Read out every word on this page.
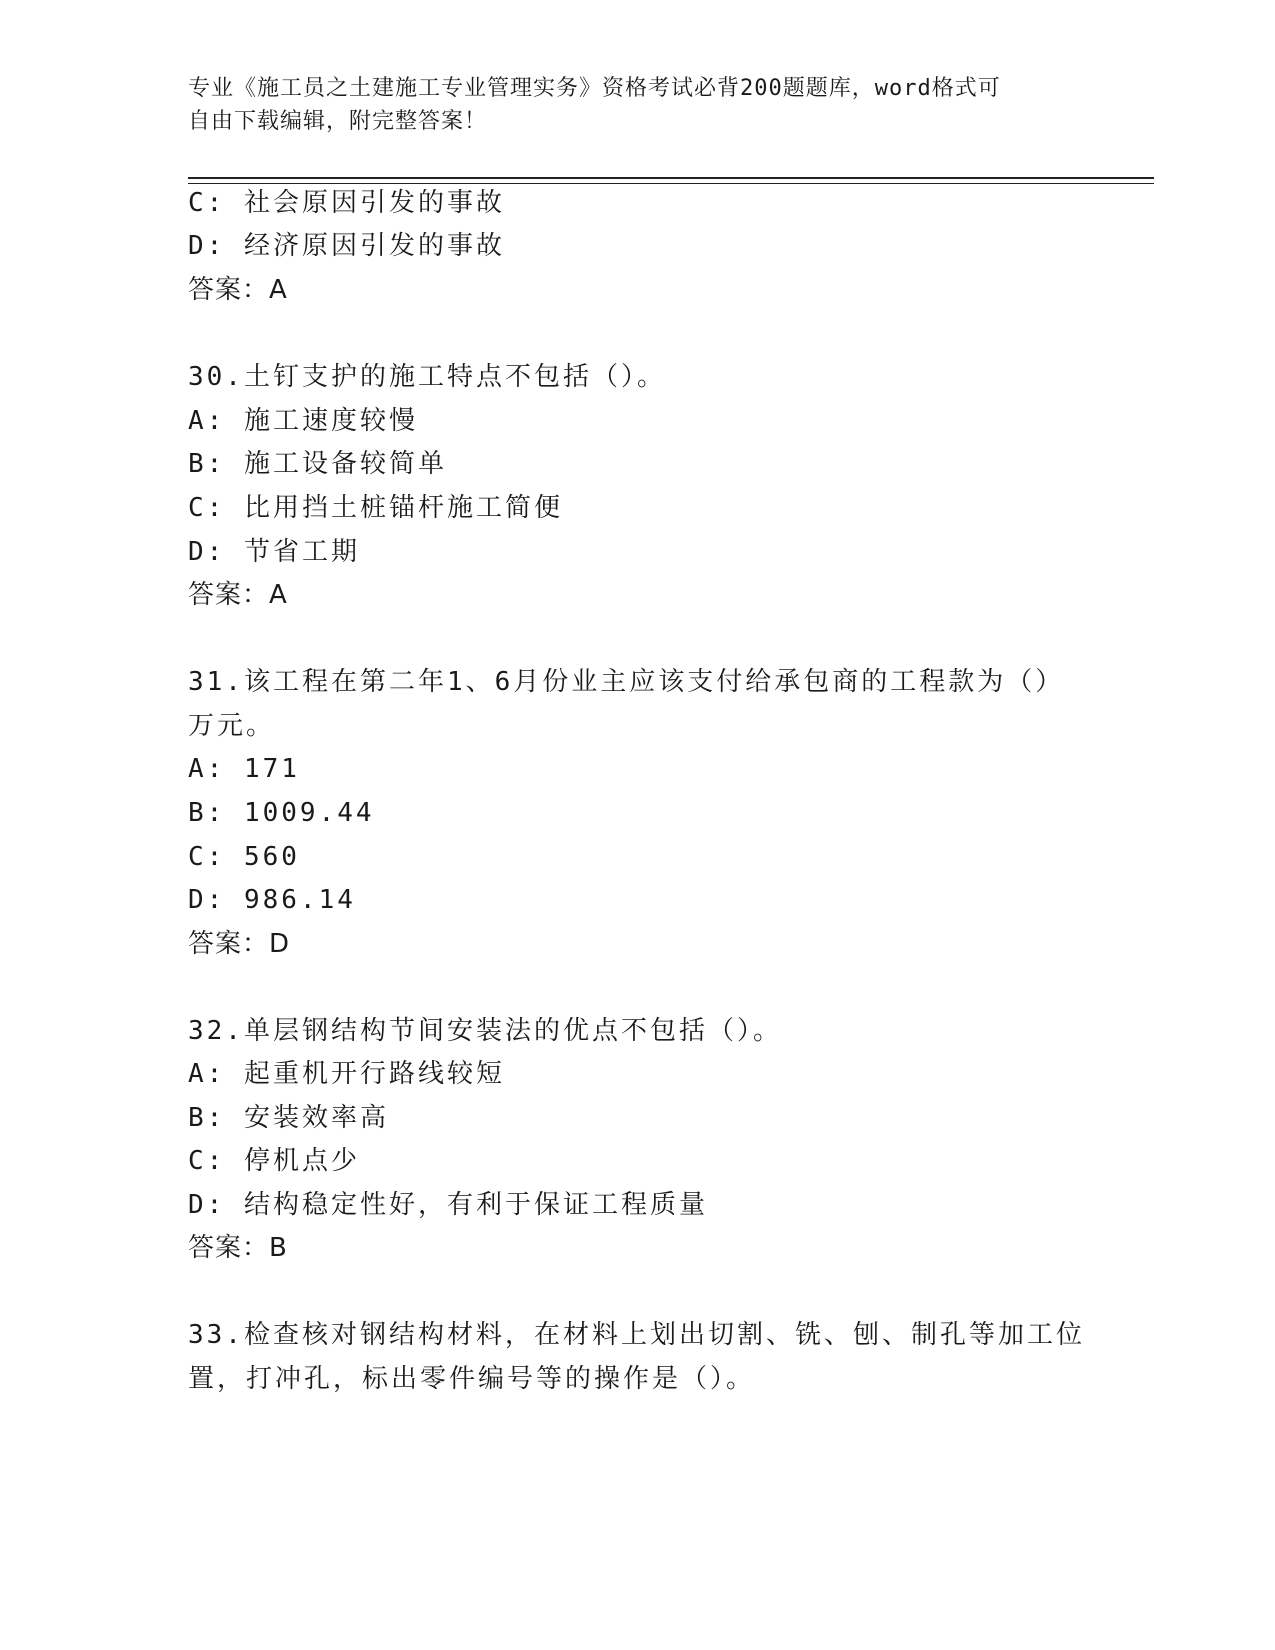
专业《施工员之土建施工专业管理实务》资格考试必背200题题库，word格式可
自由下载编辑，附完整答案！
C: 社会原因引发的事故
D: 经济原因引发的事故
答案：A
30.土钉支护的施工特点不包括（）。
A: 施工速度较慢
B: 施工设备较简单
C: 比用挡土桩锚杆施工简便
D: 节省工期
答案：A
31.该工程在第二年1、6月份业主应该支付给承包商的工程款为（）
万元。
A: 171
B: 1009.44
C: 560
D: 986.14
答案：D
32.单层钢结构节间安装法的优点不包括（）。
A: 起重机开行路线较短
B: 安装效率高
C: 停机点少
D: 结构稳定性好，有利于保证工程质量
答案：B
33.检查核对钢结构材料，在材料上划出切割、铣、刨、制孔等加工位
置，打冲孔，标出零件编号等的操作是（）。
